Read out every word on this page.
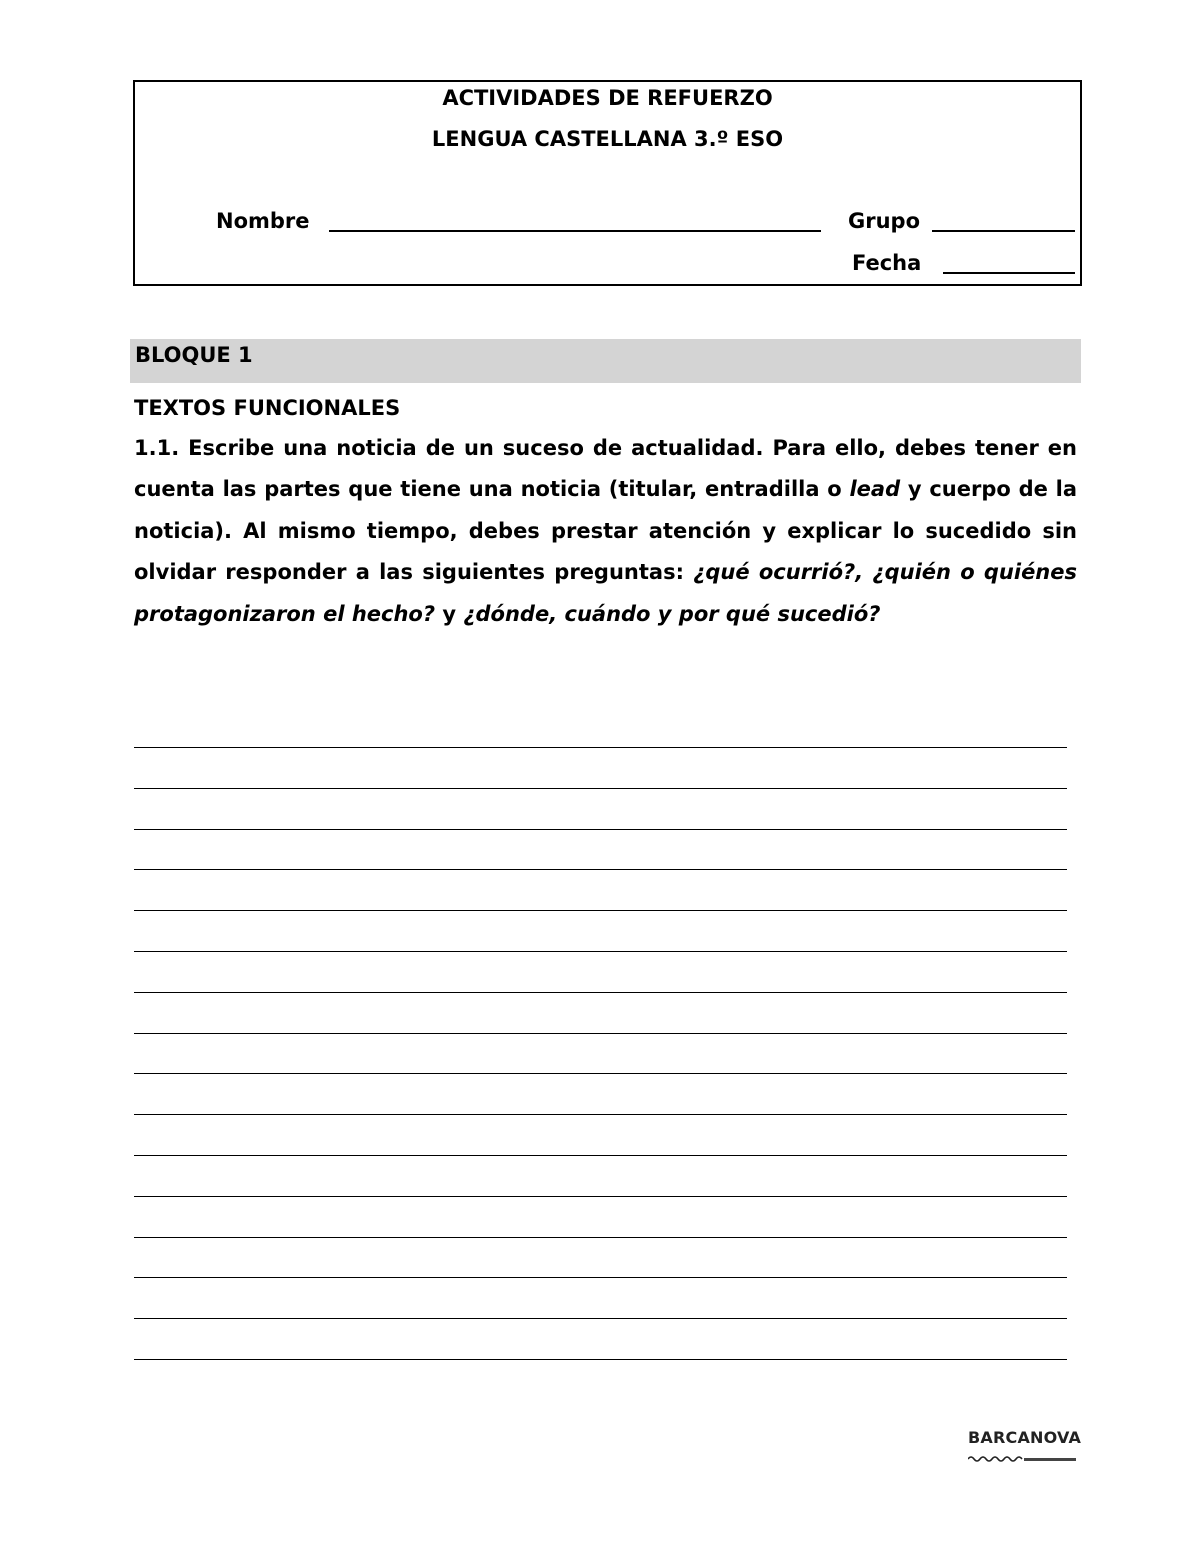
ACTIVIDADES DE REFUERZO
LENGUA CASTELLANA 3.º ESO
Nombre	Grupo
Fecha
BLOQUE 1
TEXTOS FUNCIONALES
1.1. Escribe una noticia de un suceso de actualidad. Para ello, debes tener en cuenta las partes que tiene una noticia (titular, entradilla o lead y cuerpo de la noticia). Al mismo tiempo, debes prestar atención y explicar lo sucedido sin olvidar responder a las siguientes preguntas: ¿qué ocurrió?, ¿quién o quiénes protagonizaron el hecho? y ¿dónde, cuándo y por qué sucedió?
BARCANOVA
